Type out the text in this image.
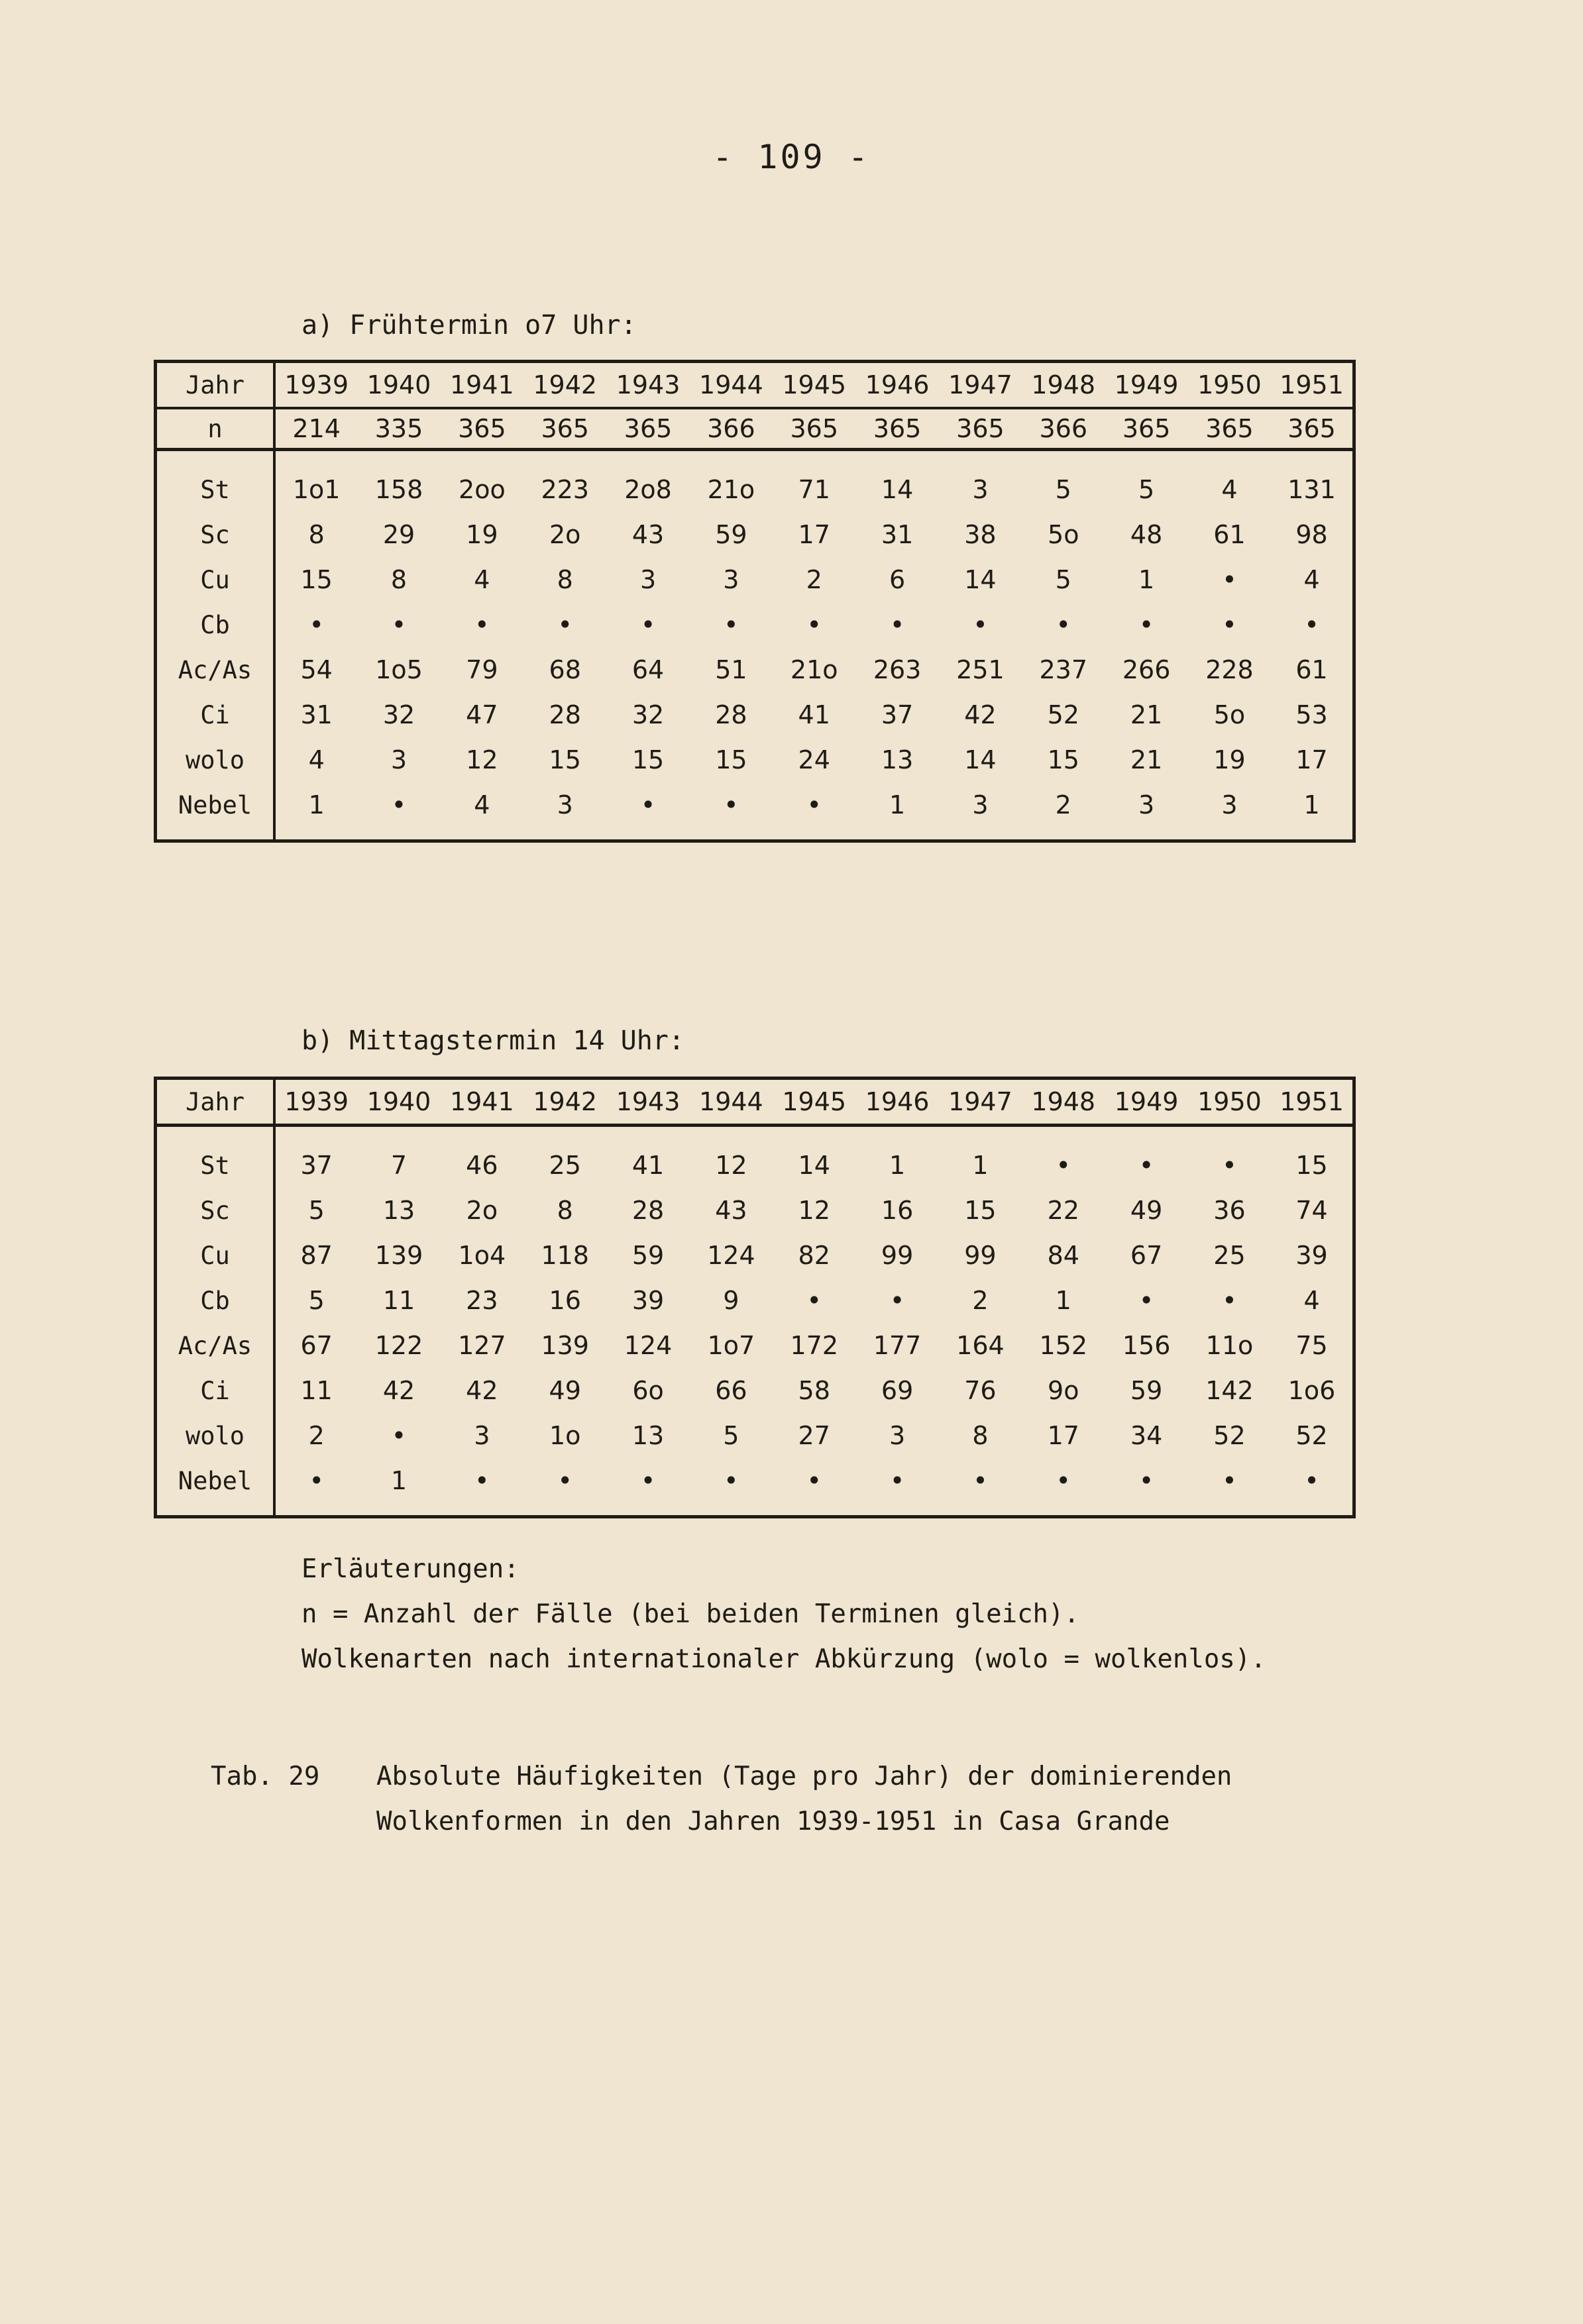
- 109 -
a) Frühtermin o7 Uhr:
Jahr	1939	1940	1941	1942	1943	1944	1945	1946	1947	1948	1949	1950	1951
n	214	335	365	365	365	366	365	365	365	366	365	365	365

St	1o1	158	2oo	223	2o8	21o	71	14	3	5	5	4	131
Sc	8	29	19	2o	43	59	17	31	38	5o	48	61	98
Cu	15	8	4	8	3	3	2	6	14	5	1	•	4
Cb	•	•	•	•	•	•	•	•	•	•	•	•	•
Ac/As	54	1o5	79	68	64	51	21o	263	251	237	266	228	61
Ci	31	32	47	28	32	28	41	37	42	52	21	5o	53
wolo	4	3	12	15	15	15	24	13	14	15	21	19	17
Nebel	1	•	4	3	•	•	•	1	3	2	3	3	1

b) Mittagstermin 14 Uhr:
Jahr	1939	1940	1941	1942	1943	1944	1945	1946	1947	1948	1949	1950	1951

St	37	7	46	25	41	12	14	1	1	•	•	•	15
Sc	5	13	2o	8	28	43	12	16	15	22	49	36	74
Cu	87	139	1o4	118	59	124	82	99	99	84	67	25	39
Cb	5	11	23	16	39	9	•	•	2	1	•	•	4
Ac/As	67	122	127	139	124	1o7	172	177	164	152	156	11o	75
Ci	11	42	42	49	6o	66	58	69	76	9o	59	142	1o6
wolo	2	•	3	1o	13	5	27	3	8	17	34	52	52
Nebel	•	1	•	•	•	•	•	•	•	•	•	•	•

Erläuterungen:
n = Anzahl der Fälle (bei beiden Terminen gleich).
Wolkenarten nach internationaler Abkürzung (wolo = wolkenlos).
Tab. 29 Absolute Häufigkeiten (Tage pro Jahr) der dominierenden
Wolkenformen in den Jahren 1939-1951 in Casa Grande
